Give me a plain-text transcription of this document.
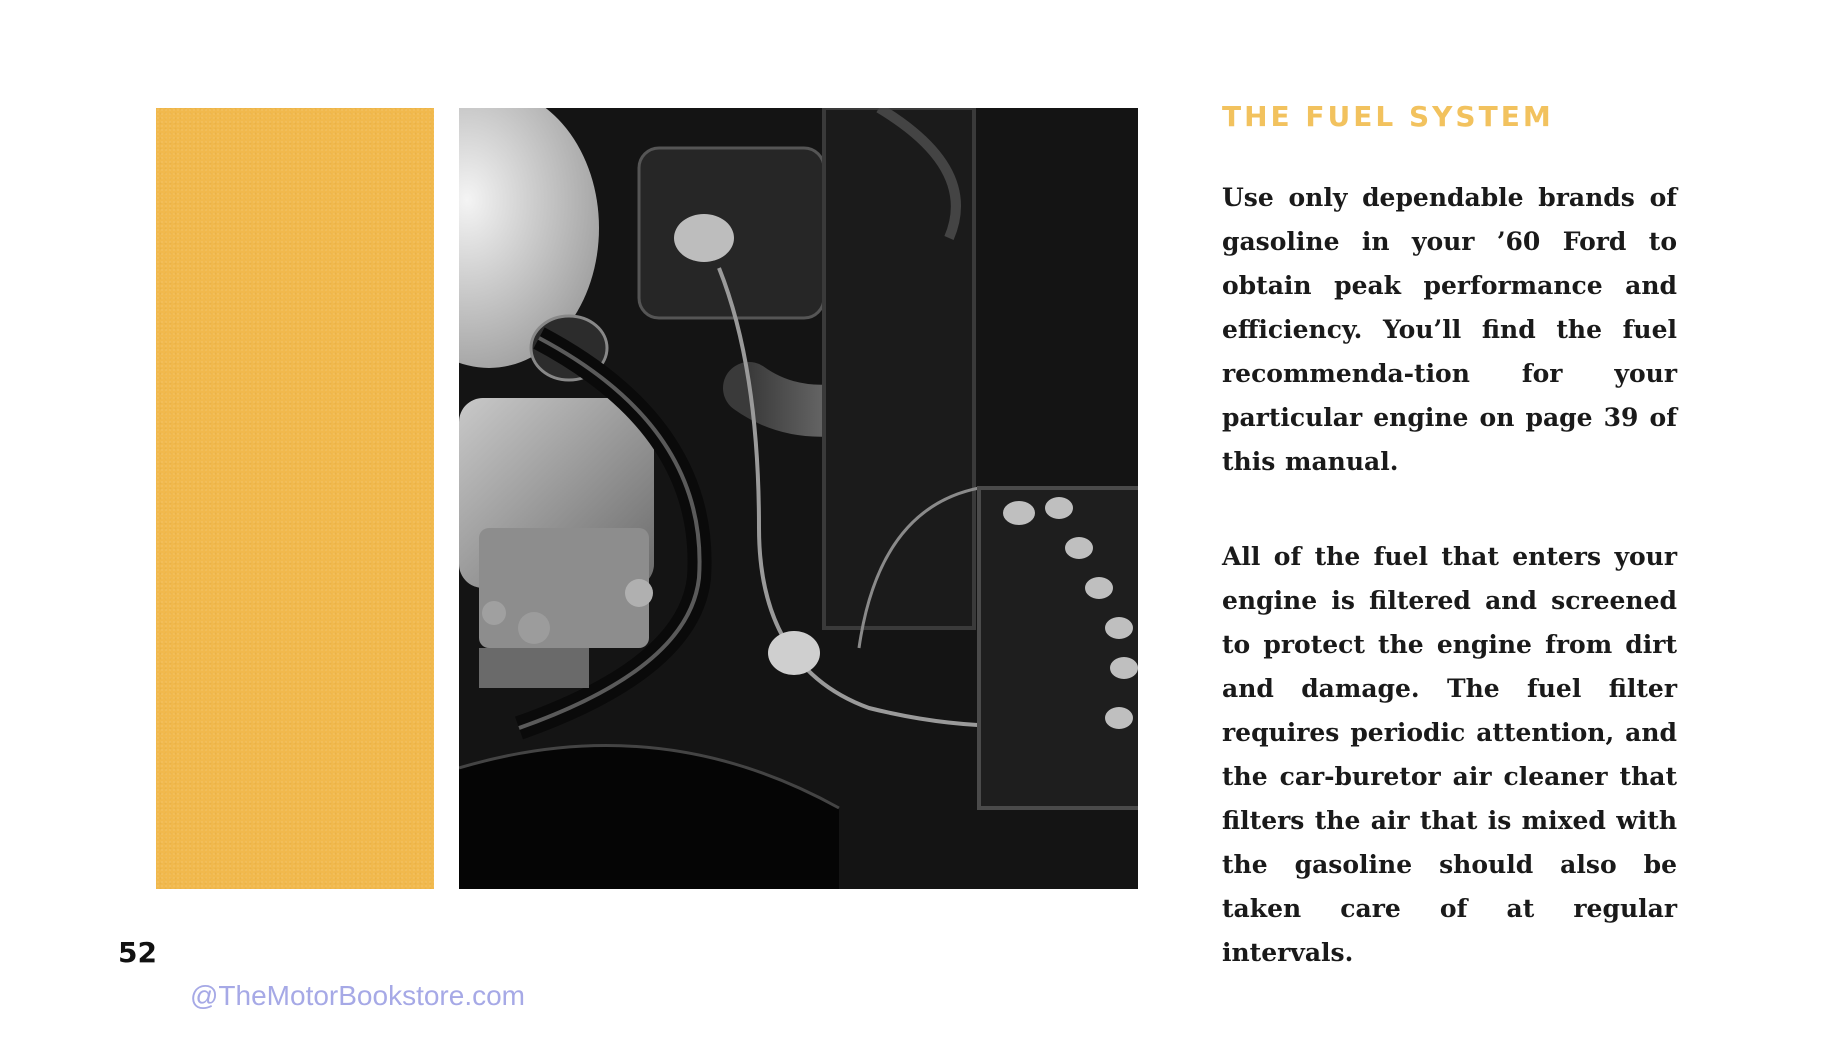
THE FUEL SYSTEM

Use only dependable brands of gasoline in your ’60 Ford to obtain peak performance and efficiency. You’ll find the fuel recommenda-tion for your particular engine on page 39 of this manual.

All of the fuel that enters your engine is filtered and screened to protect the engine from dirt and damage. The fuel filter requires periodic attention, and the car-buretor air cleaner that filters the air that is mixed with the gasoline should also be taken care of at regular intervals.

52
@TheMotorBookstore.com
